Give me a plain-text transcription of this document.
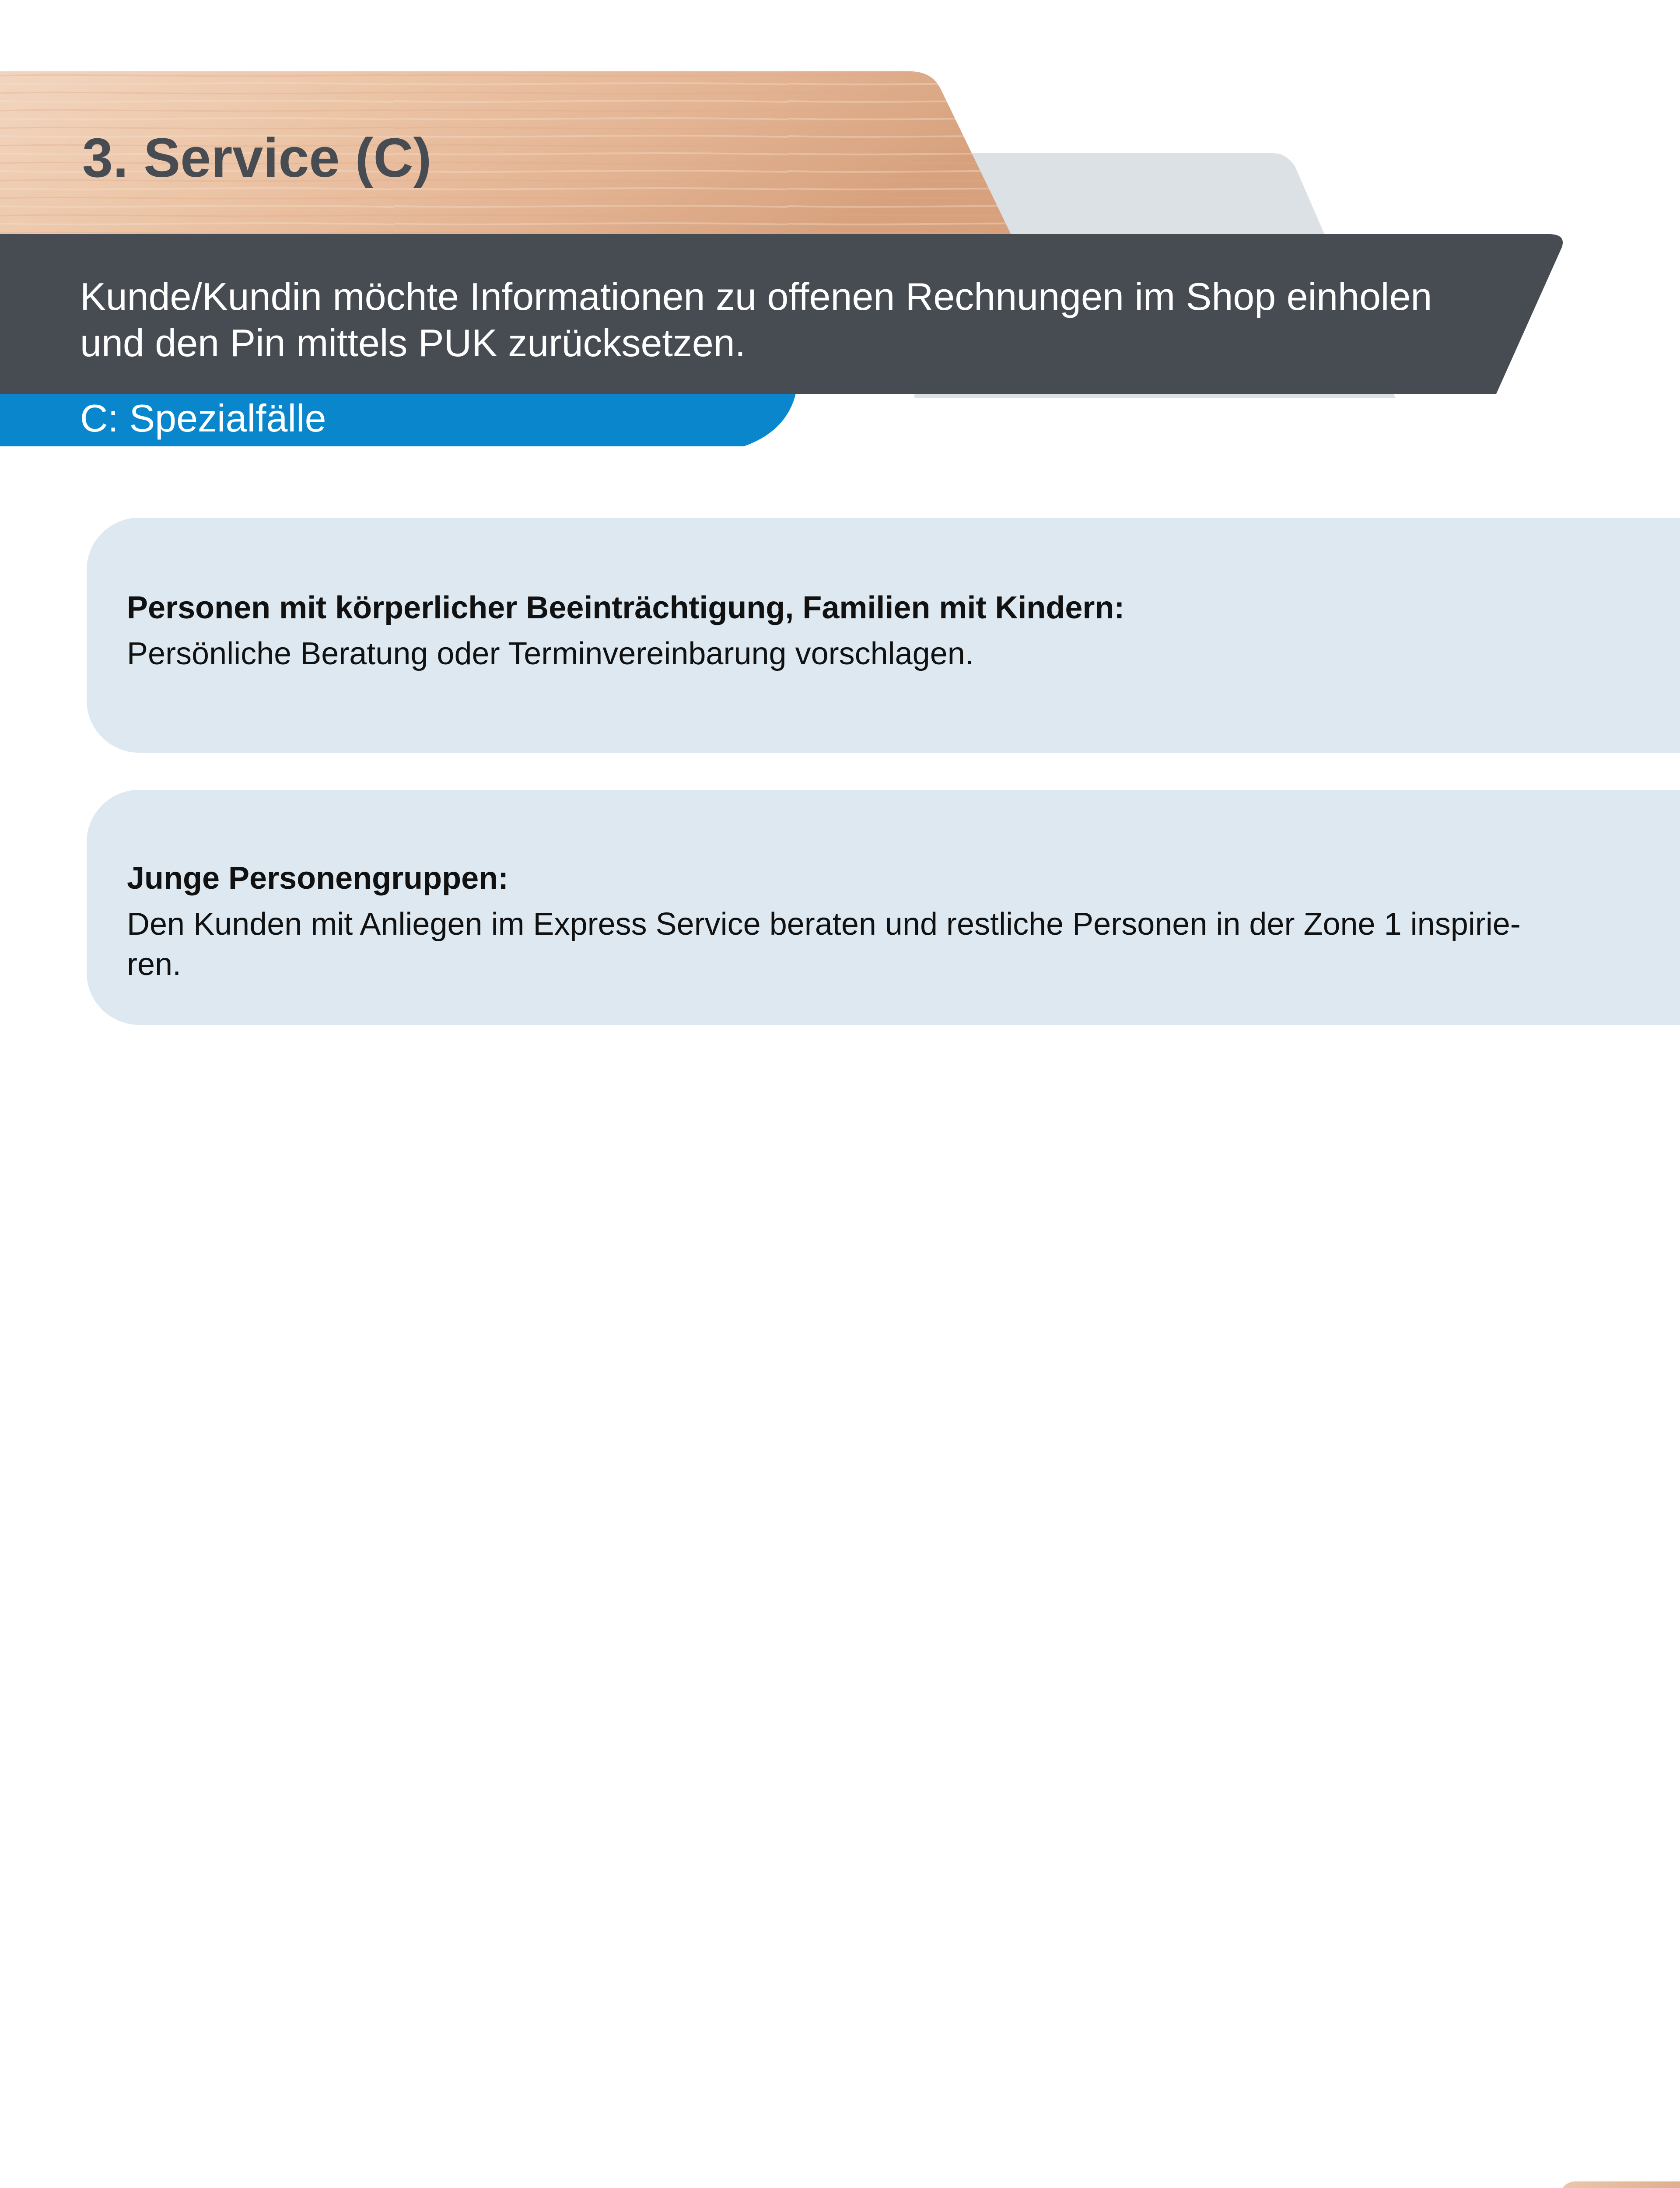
3. Service (C)
Kunde/Kundin möchte Informationen zu offenen Rechnungen im Shop einholen und den Pin mittels PUK zurücksetzen.
C: Spezialfälle
Personen mit körperlicher Beeinträchtigung, Familien mit Kindern:
Persönliche Beratung oder Terminvereinbarung vorschlagen.
Junge Personengruppen:
Den Kunden mit Anliegen im Express Service beraten und restliche Personen in der Zone 1 inspirie-ren.
